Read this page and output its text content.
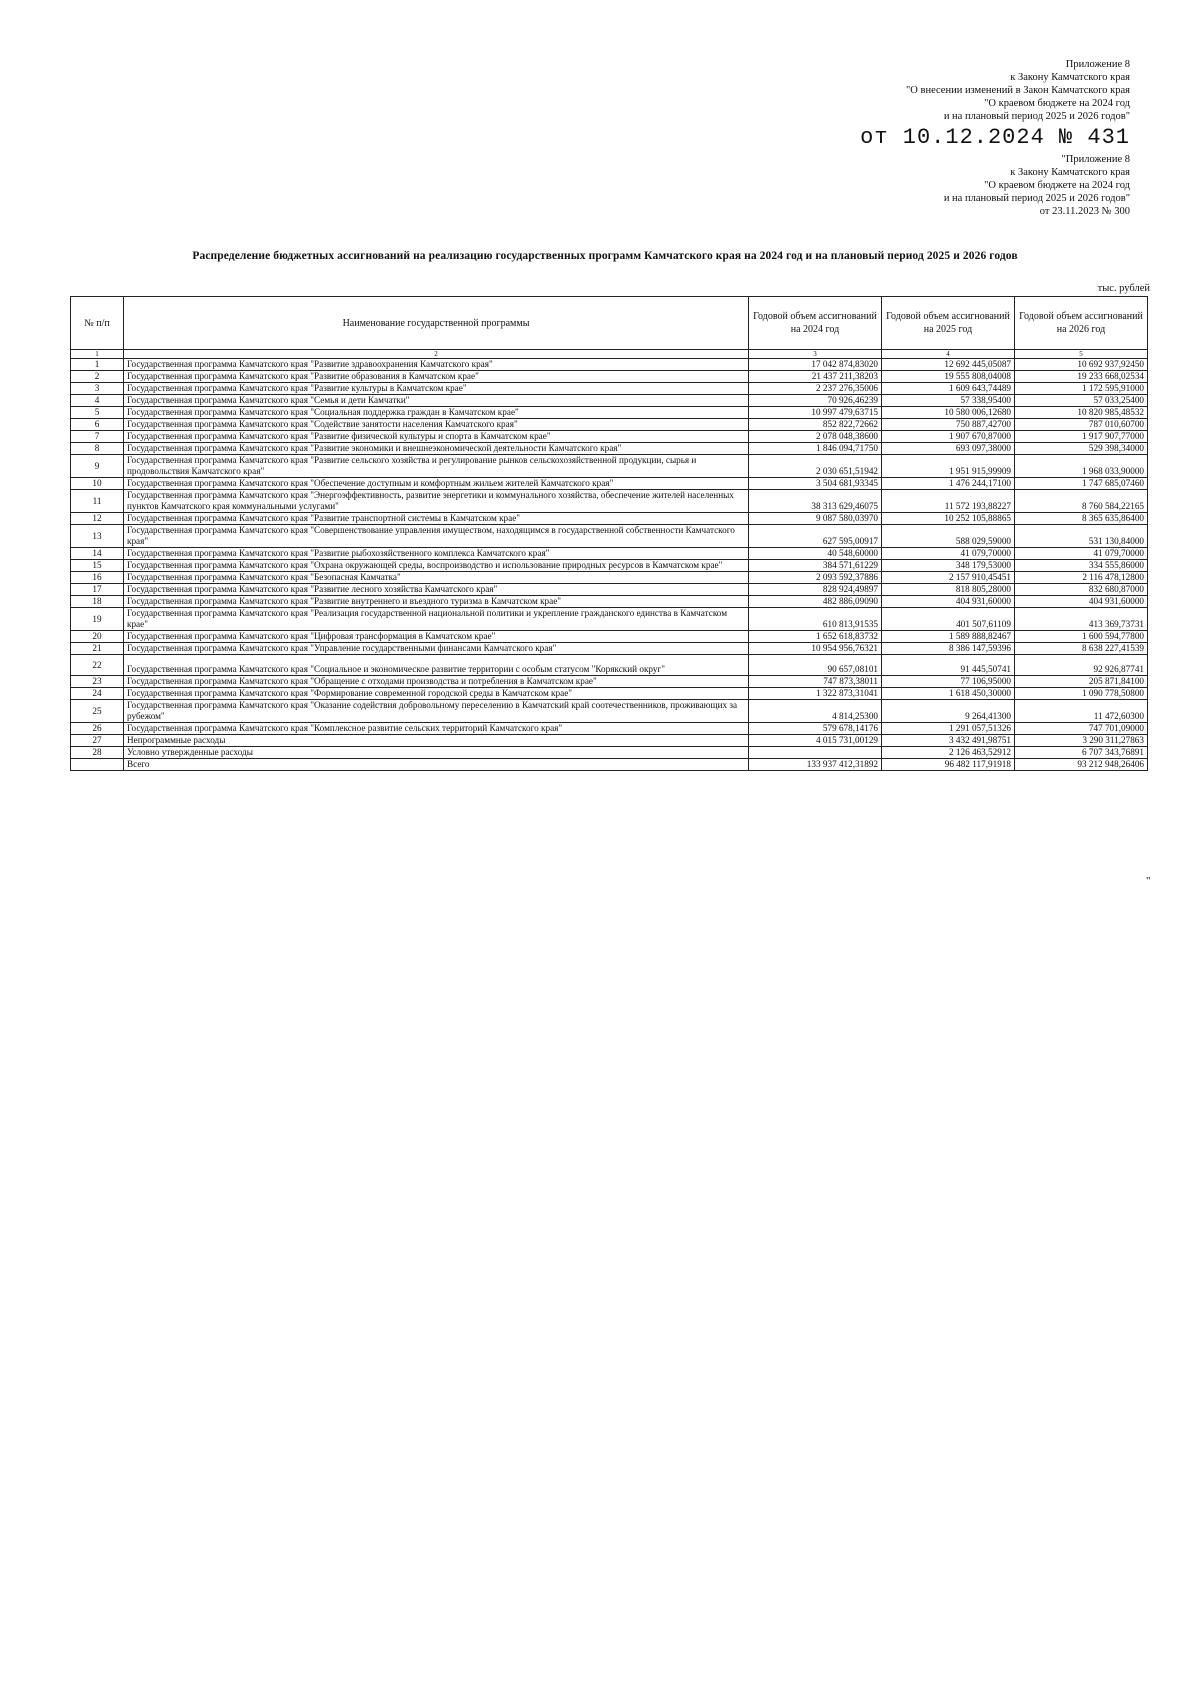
Приложение 8
к Закону Камчатского края
"О внесении изменений в Закон Камчатского края
"О краевом бюджете на 2024 год
и на плановый период 2025 и 2026 годов"
от 10.12.2024 № 431
"Приложение 8
к Закону Камчатского края
"О краевом бюджете на 2024 год
и на плановый период 2025 и 2026 годов"
от 23.11.2023 № 300
Распределение бюджетных ассигнований на реализацию государственных программ Камчатского края на 2024 год и на плановый период 2025 и 2026 годов
тыс. рублей
№ п/п	Наименование государственной программы	Годовой объем ассигнований на 2024 год	Годовой объем ассигнований на 2025 год	Годовой объем ассигнований на 2026 год
1	2	3	4	5
1	Государственная программа Камчатского края "Развитие здравоохранения Камчатского края"	17 042 874,83020	12 692 445,05087	10 692 937,92450
2	Государственная программа Камчатского края "Развитие образования в Камчатском крае"	21 437 211,38203	19 555 808,04008	19 233 668,02534
3	Государственная программа Камчатского края "Развитие культуры в Камчатском крае"	2 237 276,35006	1 609 643,74489	1 172 595,91000
4	Государственная программа Камчатского края "Семья и дети Камчатки"	70 926,46239	57 338,95400	57 033,25400
5	Государственная программа Камчатского края "Социальная поддержка граждан в Камчатском крае"	10 997 479,63715	10 580 006,12680	10 820 985,48532
6	Государственная программа Камчатского края "Содействие занятости населения Камчатского края"	852 822,72662	750 887,42700	787 010,60700
7	Государственная программа Камчатского края "Развитие физической культуры и спорта в Камчатском крае"	2 078 048,38600	1 907 670,87000	1 917 907,77000
8	Государственная программа Камчатского края "Развитие экономики и внешнеэкономической деятельности Камчатского края"	1 846 094,71750	693 097,38000	529 398,34000
9	Государственная программа Камчатского края "Развитие сельского хозяйства и регулирование рынков сельскохозяйственной продукции, сырья и продовольствия Камчатского края"	2 030 651,51942	1 951 915,99909	1 968 033,90000
10	Государственная программа Камчатского края "Обеспечение доступным и комфортным жильем жителей Камчатского края"	3 504 681,93345	1 476 244,17100	1 747 685,07460
11	Государственная программа Камчатского края "Энергоэффективность, развитие энергетики и коммунального хозяйства, обеспечение жителей населенных пунктов Камчатского края коммунальными услугами"	38 313 629,46075	11 572 193,88227	8 760 584,22165
12	Государственная программа Камчатского края "Развитие транспортной системы в Камчатском крае"	9 087 580,03970	10 252 105,88865	8 365 635,86400
13	Государственная программа Камчатского края "Совершенствование управления имуществом, находящимся в государственной собственности Камчатского края"	627 595,00917	588 029,59000	531 130,84000
14	Государственная программа Камчатского края "Развитие рыбохозяйственного комплекса Камчатского края"	40 548,60000	41 079,70000	41 079,70000
15	Государственная программа Камчатского края "Охрана окружающей среды, воспроизводство и использование природных ресурсов в Камчатском крае"	384 571,61229	348 179,53000	334 555,86000
16	Государственная программа Камчатского края "Безопасная Камчатка"	2 093 592,37886	2 157 910,45451	2 116 478,12800
17	Государственная программа Камчатского края "Развитие лесного хозяйства Камчатского края"	828 924,49897	818 805,28000	832 680,87000
18	Государственная программа Камчатского края "Развитие внутреннего и въездного туризма в Камчатском крае"	482 886,09090	404 931,60000	404 931,60000
19	Государственная программа Камчатского края "Реализация государственной национальной политики и укрепление гражданского единства в Камчатском крае"	610 813,91535	401 507,61109	413 369,73731
20	Государственная программа Камчатского края "Цифровая трансформация в Камчатском крае"	1 652 618,83732	1 589 888,82467	1 600 594,77800
21	Государственная программа Камчатского края "Управление государственными финансами Камчатского края"	10 954 956,76321	8 386 147,59396	8 638 227,41539
22	Государственная программа Камчатского края "Социальное и экономическое развитие территории с особым статусом "Корякский округ"	90 657,08101	91 445,50741	92 926,87741
23	Государственная программа Камчатского края "Обращение с отходами производства и потребления в Камчатском крае"	747 873,38011	77 106,95000	205 871,84100
24	Государственная программа Камчатского края "Формирование современной городской среды в Камчатском крае"	1 322 873,31041	1 618 450,30000	1 090 778,50800
25	Государственная программа Камчатского края "Оказание содействия добровольному переселению в Камчатский край соотечественников, проживающих за рубежом"	4 814,25300	9 264,41300	11 472,60300
26	Государственная программа Камчатского края "Комплексное развитие сельских территорий Камчатского края"	579 678,14176	1 291 057,51326	747 701,09000
27	Непрограммные расходы	4 015 731,00129	3 432 491,98751	3 290 311,27863
28	Условно утвержденные расходы		2 126 463,52912	6 707 343,76891
	Всего	133 937 412,31892	96 482 117,91918	93 212 948,26406
"
